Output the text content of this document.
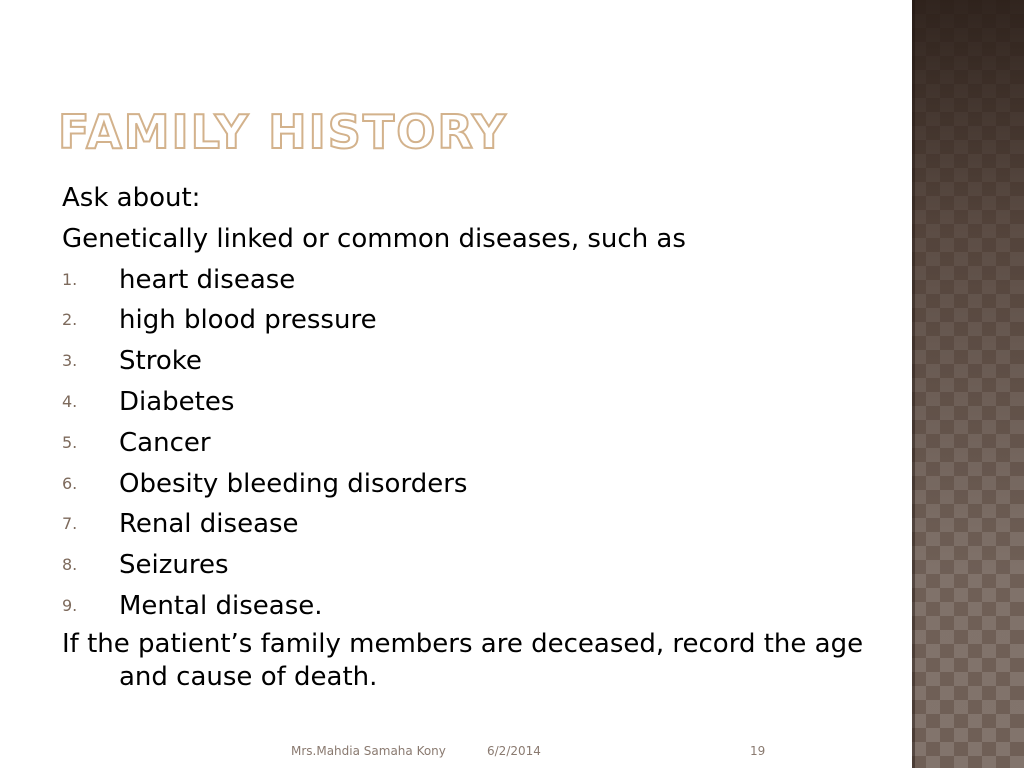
FAMILY HISTORY

Ask about:

Genetically linked or common diseases, such as

1. heart disease
2. high blood pressure
3. Stroke
4. Diabetes
5. Cancer
6. Obesity bleeding disorders
7. Renal disease
8. Seizures
9. Mental disease.

If the patient’s family members are deceased, record the age and cause of death.

Mrs.Mahdia Samaha Kony	6/2/2014	19
